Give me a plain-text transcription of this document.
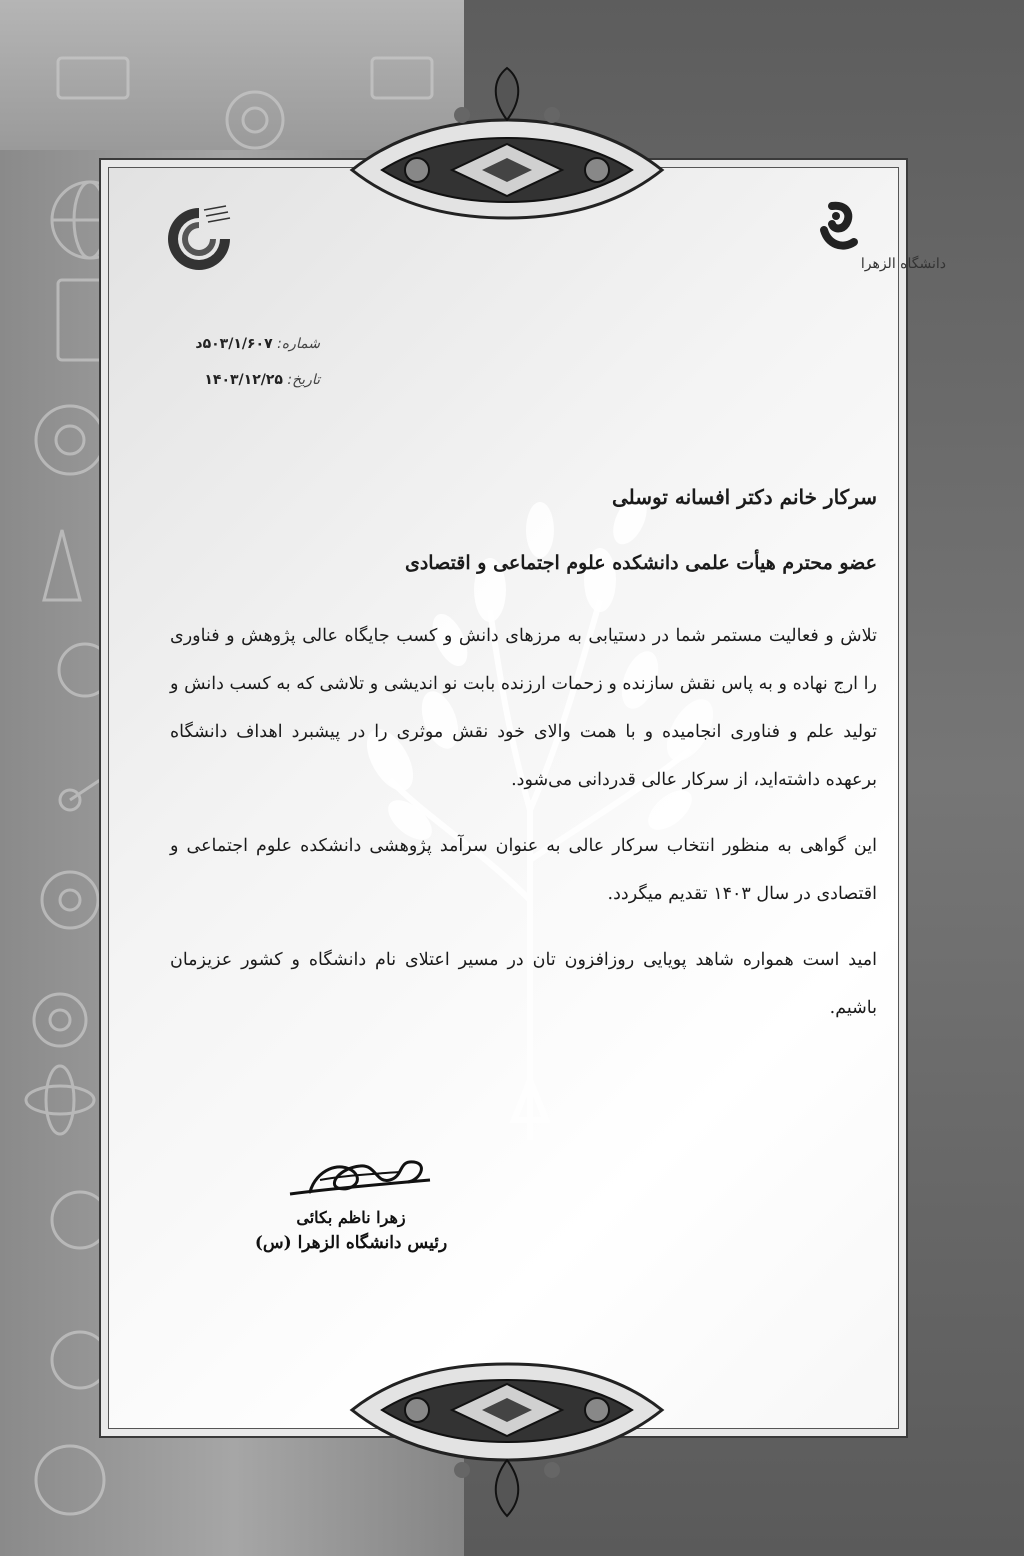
دانشگاه الزهرا
شماره: ۵۰۳/۱/۶۰۷د
تاریخ: ۱۴۰۳/۱۲/۲۵

سرکار خانم دکتر افسانه توسلی

عضو محترم هیأت علمی دانشکده علوم اجتماعی و اقتصادی

تلاش و فعالیت مستمر شما در دستیابی به مرزهای دانش و کسب جایگاه عالی پژوهش و فناوری را ارج نهاده و به پاس نقش سازنده و زحمات ارزنده بابت نو اندیشی و تلاشی که به کسب دانش و تولید علم و فناوری انجامیده و با همت والای خود نقش موثری را در پیشبرد اهداف دانشگاه برعهده داشته‌اید، از سرکار عالی قدردانی می‌شود.

این گواهی به منظور انتخاب سرکار عالی به عنوان سرآمد پژوهشی دانشکده علوم اجتماعی و اقتصادی در سال ۱۴۰۳ تقدیم میگردد.

امید است همواره شاهد پویایی روزافزون تان در مسیر اعتلای نام دانشگاه و کشور عزیزمان باشیم.

زهرا ناظم بکائی
رئیس دانشگاه الزهرا (س)
